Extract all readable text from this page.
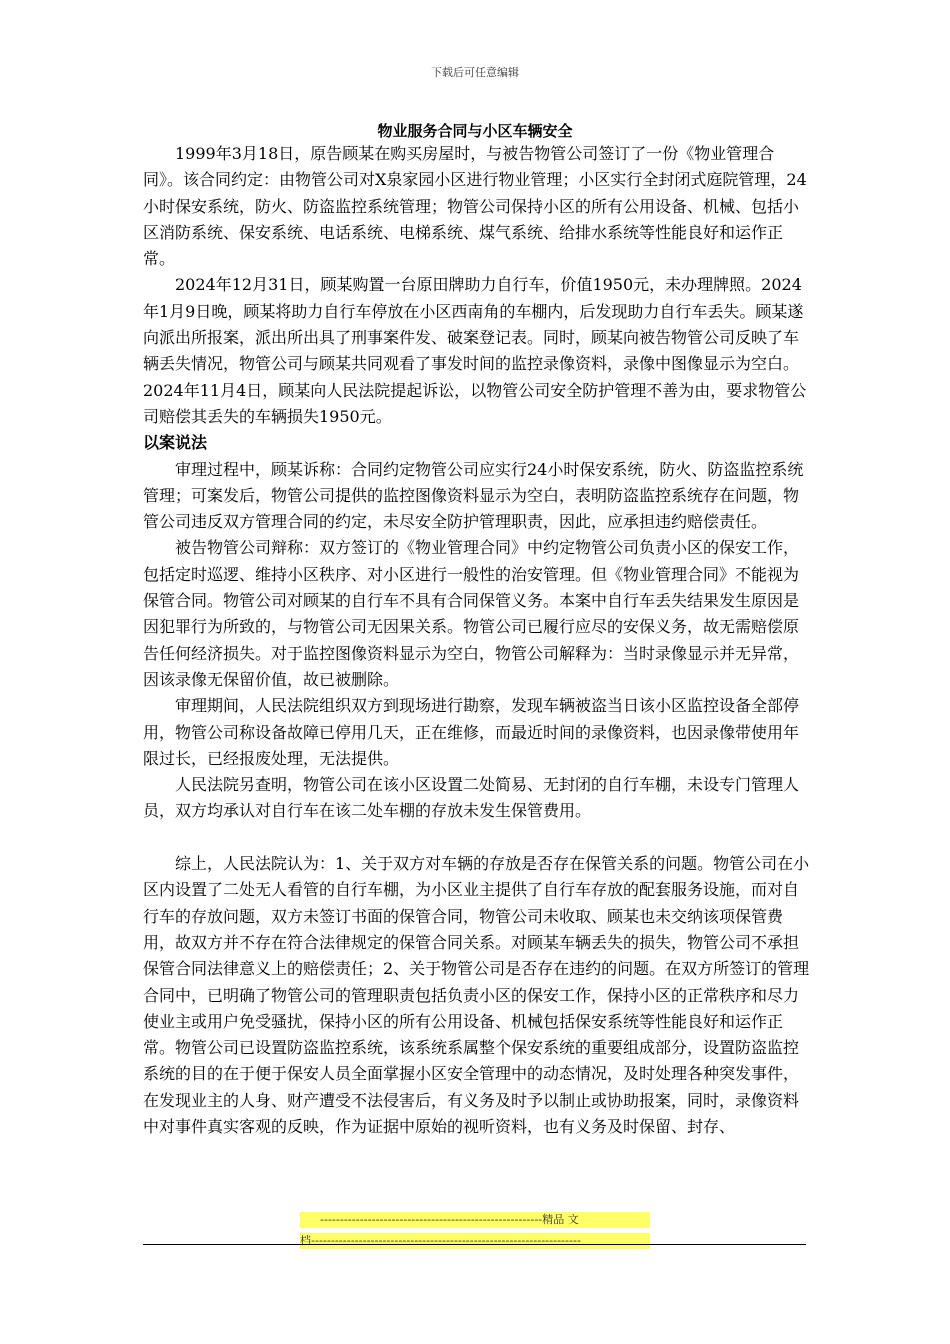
下载后可任意编辑
物业服务合同与小区车辆安全

1999年3月18日，原告顾某在购买房屋时，与被告物管公司签订了一份《物业管理合同》。该合同约定：由物管公司对X泉家园小区进行物业管理；小区实行全封闭式庭院管理，24小时保安系统，防火、防盗监控系统管理；物管公司保持小区的所有公用设备、机械、包括小区消防系统、保安系统、电话系统、电梯系统、煤气系统、给排水系统等性能良好和运作正常。

2024年12月31日，顾某购置一台原田牌助力自行车，价值1950元，未办理牌照。2024年1月9日晚，顾某将助力自行车停放在小区西南角的车棚内，后发现助力自行车丢失。顾某遂向派出所报案，派出所出具了刑事案件发、破案登记表。同时，顾某向被告物管公司反映了车辆丢失情况，物管公司与顾某共同观看了事发时间的监控录像资料，录像中图像显示为空白。2024年11月4日，顾某向人民法院提起诉讼，以物管公司安全防护管理不善为由，要求物管公司赔偿其丢失的车辆损失1950元。

以案说法

审理过程中，顾某诉称：合同约定物管公司应实行24小时保安系统，防火、防盗监控系统管理；可案发后，物管公司提供的监控图像资料显示为空白，表明防盗监控系统存在问题，物管公司违反双方管理合同的约定，未尽安全防护管理职责，因此，应承担违约赔偿责任。

被告物管公司辩称：双方签订的《物业管理合同》中约定物管公司负责小区的保安工作，包括定时巡逻、维持小区秩序、对小区进行一般性的治安管理。但《物业管理合同》不能视为保管合同。物管公司对顾某的自行车不具有合同保管义务。本案中自行车丢失结果发生原因是因犯罪行为所致的，与物管公司无因果关系。物管公司已履行应尽的安保义务，故无需赔偿原告任何经济损失。对于监控图像资料显示为空白，物管公司解释为：当时录像显示并无异常，因该录像无保留价值，故已被删除。

审理期间，人民法院组织双方到现场进行勘察，发现车辆被盗当日该小区监控设备全部停用，物管公司称设备故障已停用几天，正在维修，而最近时间的录像资料，也因录像带使用年限过长，已经报废处理，无法提供。

人民法院另查明，物管公司在该小区设置二处简易、无封闭的自行车棚，未设专门管理人员，双方均承认对自行车在该二处车棚的存放未发生保管费用。

综上，人民法院认为：1、关于双方对车辆的存放是否存在保管关系的问题。物管公司在小区内设置了二处无人看管的自行车棚，为小区业主提供了自行车存放的配套服务设施，而对自行车的存放问题，双方未签订书面的保管合同，物管公司未收取、顾某也未交纳该项保管费用，故双方并不存在符合法律规定的保管合同关系。对顾某车辆丢失的损失，物管公司不承担保管合同法律意义上的赔偿责任；2、关于物管公司是否存在违约的问题。在双方所签订的管理合同中，已明确了物管公司的管理职责包括负责小区的保安工作，保持小区的正常秩序和尽力使业主或用户免受骚扰，保持小区的所有公用设备、机械包括保安系统等性能良好和运作正常。物管公司已设置防盗监控系统，该系统系属整个保安系统的重要组成部分，设置防盗监控系统的目的在于便于保安人员全面掌握小区安全管理中的动态情况，及时处理各种突发事件，在发现业主的人身、财产遭受不法侵害后，有义务及时予以制止或协助报案，同时，录像资料中对事件真实客观的反映，作为证据中原始的视听资料，也有义务及时保留、封存、

--------------------------------------------------------精品 文
档--------------------------------------------------------------------
